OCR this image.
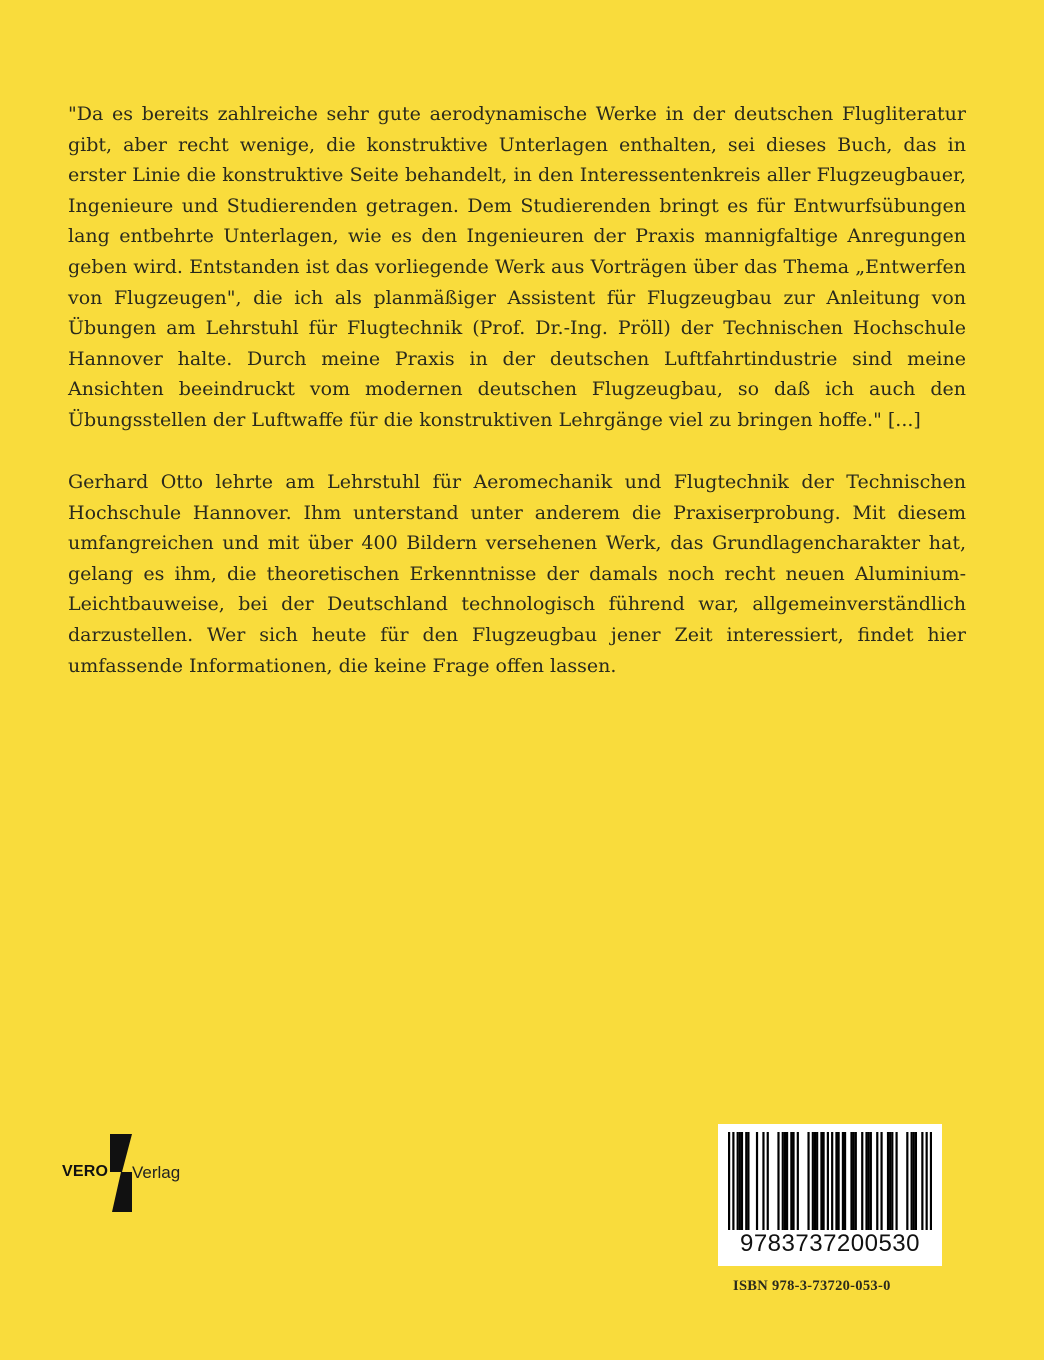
"Da es bereits zahlreiche sehr gute aerodynamische Werke in der deutschen Flugliteratur gibt, aber recht wenige, die konstruktive Unterlagen enthalten, sei dieses Buch, das in erster Linie die konstruktive Seite behandelt, in den Interessentenkreis aller Flugzeugbauer, Ingenieure und Studierenden getragen. Dem Studierenden bringt es für Entwurfsübungen lang entbehrte Unterlagen, wie es den Ingenieuren der Praxis mannigfaltige Anregungen geben wird. Entstanden ist das vorliegende Werk aus Vorträgen über das Thema „Entwerfen von Flugzeugen", die ich als planmäßiger Assistent für Flugzeugbau zur Anleitung von Übungen am Lehrstuhl für Flugtechnik (Prof. Dr.-Ing. Pröll) der Technischen Hochschule Hannover halte. Durch meine Praxis in der deutschen Luftfahrtindustrie sind meine Ansichten beeindruckt vom modernen deutschen Flugzeugbau, so daß ich auch den Übungsstellen der Luftwaffe für die konstruktiven Lehrgänge viel zu bringen hoffe." [...]

Gerhard Otto lehrte am Lehrstuhl für Aeromechanik und Flugtechnik der Technischen Hochschule Hannover. Ihm unterstand unter anderem die Praxiserprobung. Mit diesem umfangreichen und mit über 400 Bildern versehenen Werk, das Grundlagencharakter hat, gelang es ihm, die theoretischen Erkenntnisse der damals noch recht neuen Aluminium-Leichtbauweise, bei der Deutschland technologisch führend war, allgemeinverständlich darzustellen. Wer sich heute für den Flugzeugbau jener Zeit interessiert, findet hier umfassende Informationen, die keine Frage offen lassen.

VERO Verlag
9783737200530
ISBN 978-3-73720-053-0
